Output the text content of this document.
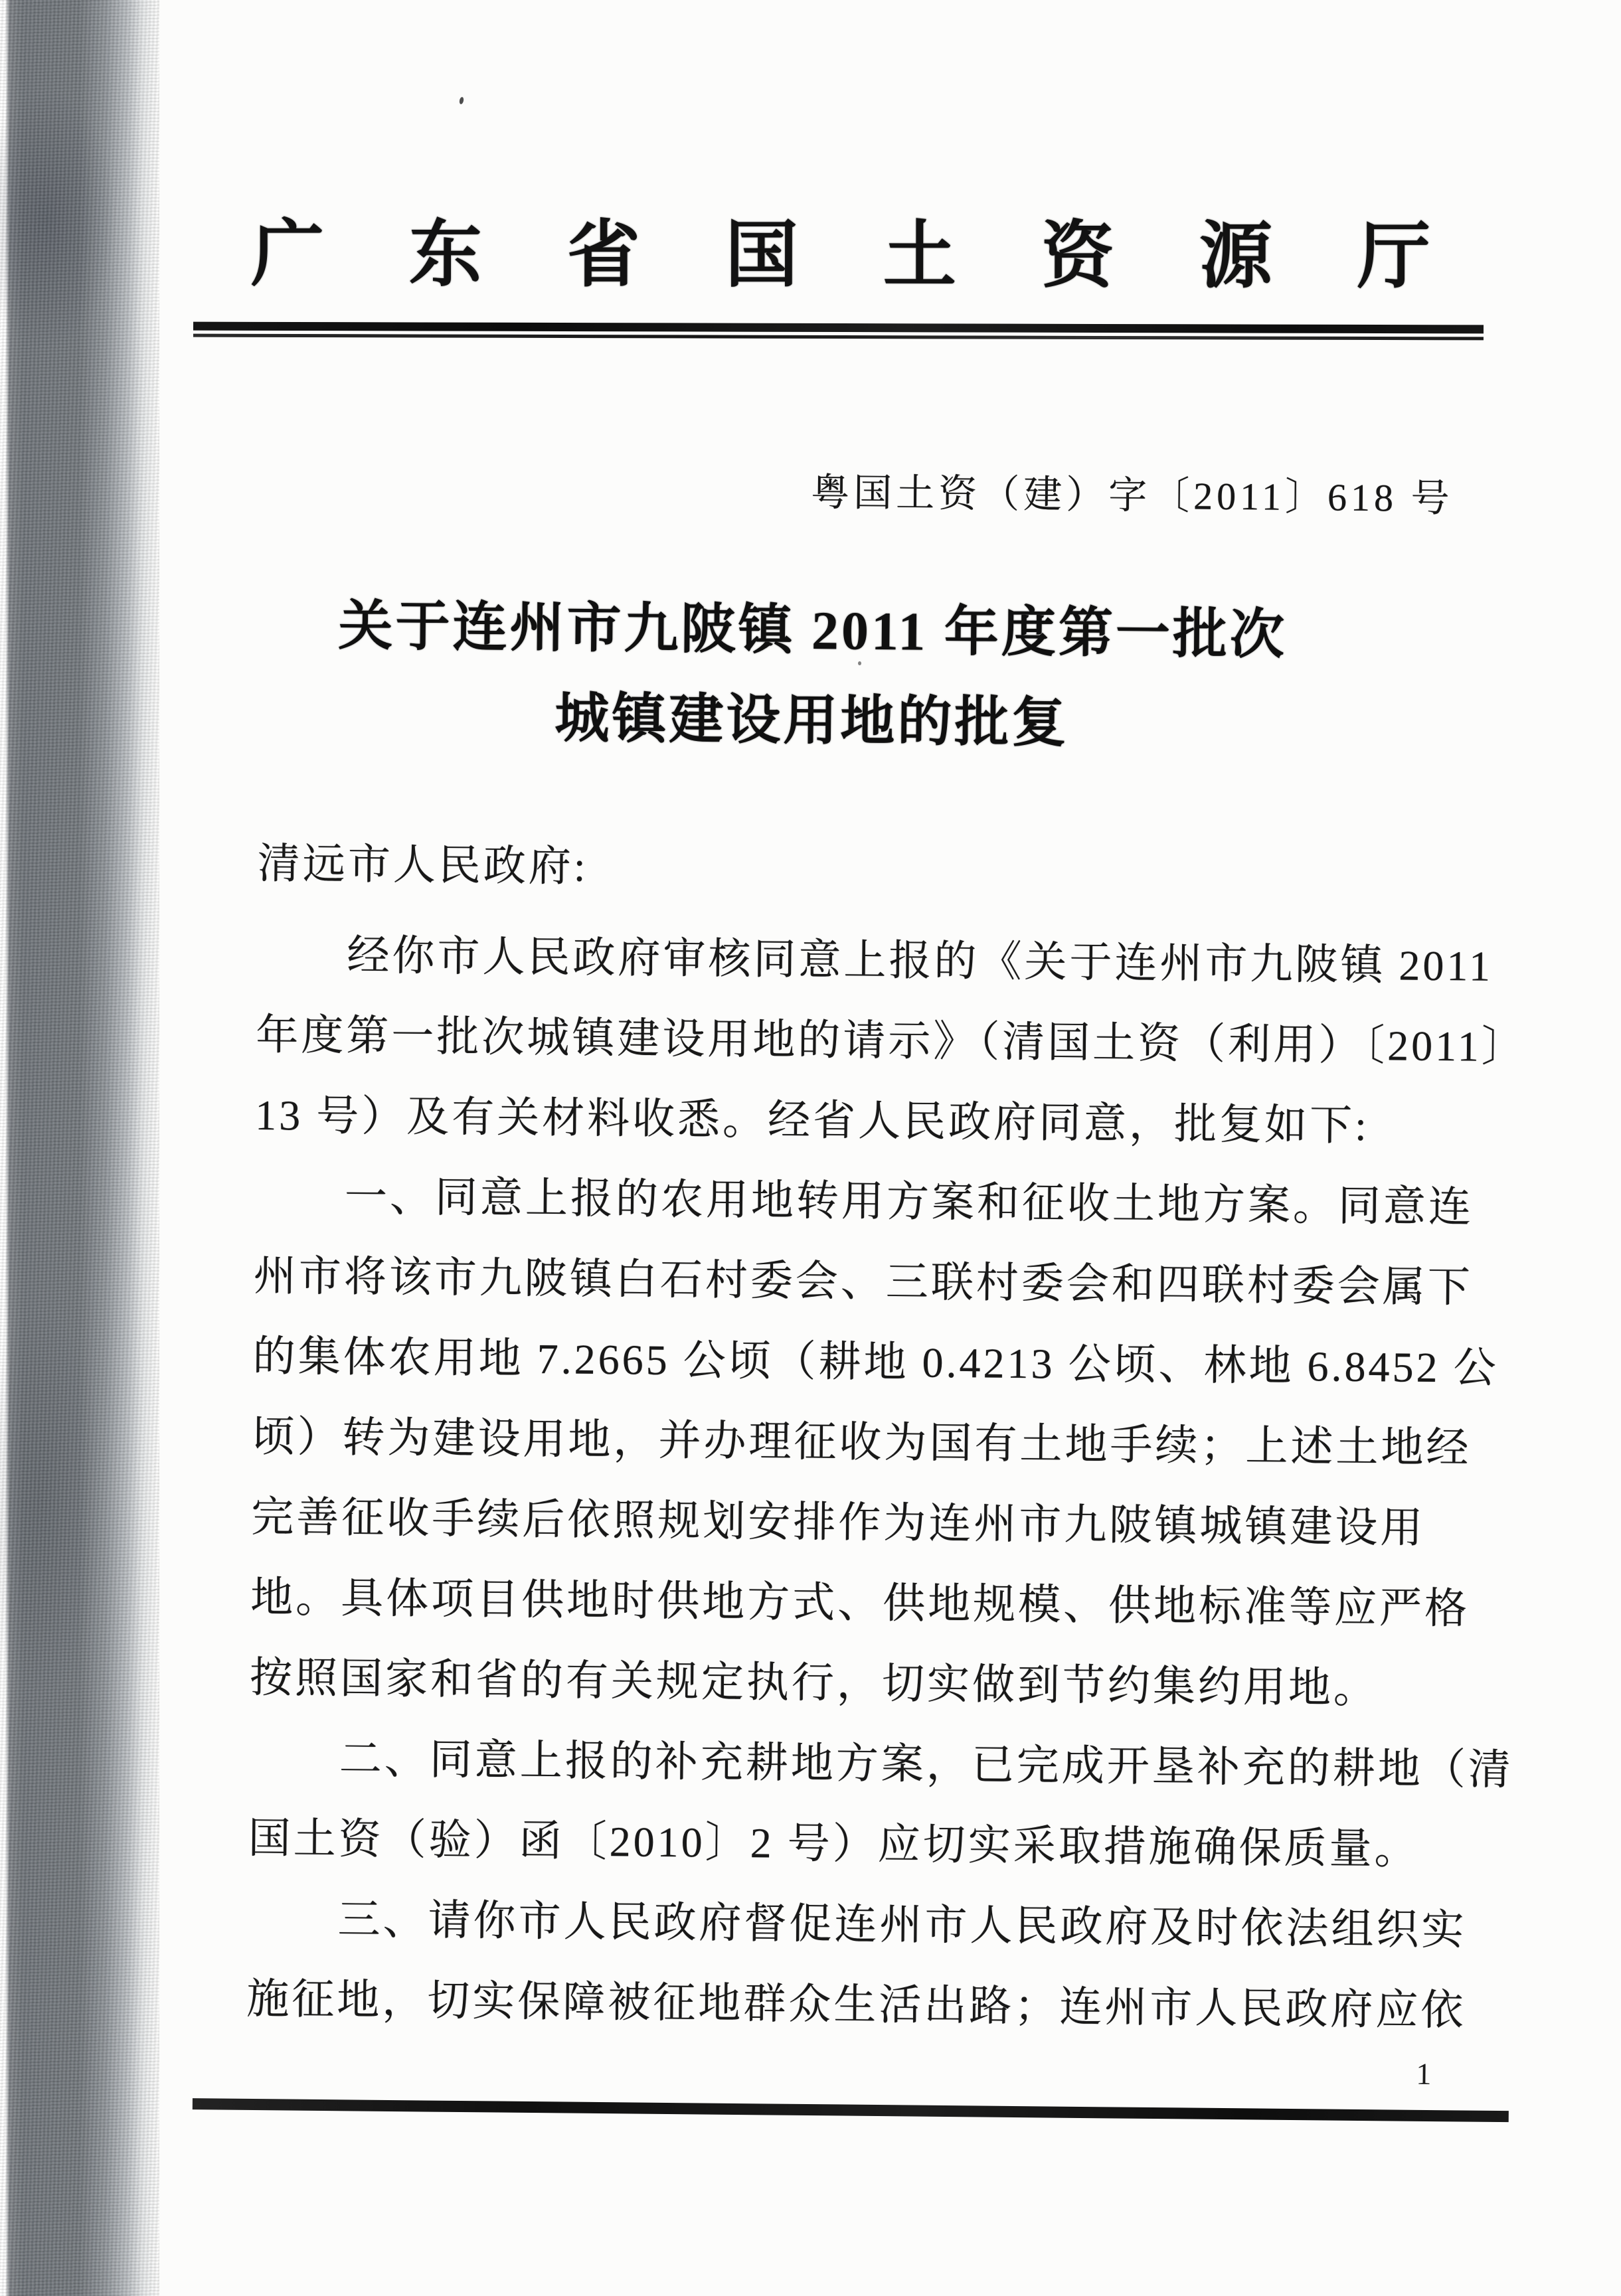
广东省国土资源厅
粤国土资（建）字〔2011〕618 号
关于连州市九陂镇 2011 年度第一批次
城镇建设用地的批复
清远市人民政府:
　　经你市人民政府审核同意上报的《关于连州市九陂镇 2011
年度第一批次城镇建设用地的请示》（清国土资（利用）〔2011〕
13 号）及有关材料收悉。经省人民政府同意，批复如下:
　　一、同意上报的农用地转用方案和征收土地方案。同意连
州市将该市九陂镇白石村委会、三联村委会和四联村委会属下
的集体农用地 7.2665 公顷（耕地 0.4213 公顷、林地 6.8452 公
顷）转为建设用地，并办理征收为国有土地手续；上述土地经
完善征收手续后依照规划安排作为连州市九陂镇城镇建设用
地。具体项目供地时供地方式、供地规模、供地标准等应严格
按照国家和省的有关规定执行，切实做到节约集约用地。
　　二、同意上报的补充耕地方案，已完成开垦补充的耕地（清
国土资（验）函〔2010〕2 号）应切实采取措施确保质量。
　　三、请你市人民政府督促连州市人民政府及时依法组织实
施征地，切实保障被征地群众生活出路；连州市人民政府应依
1
